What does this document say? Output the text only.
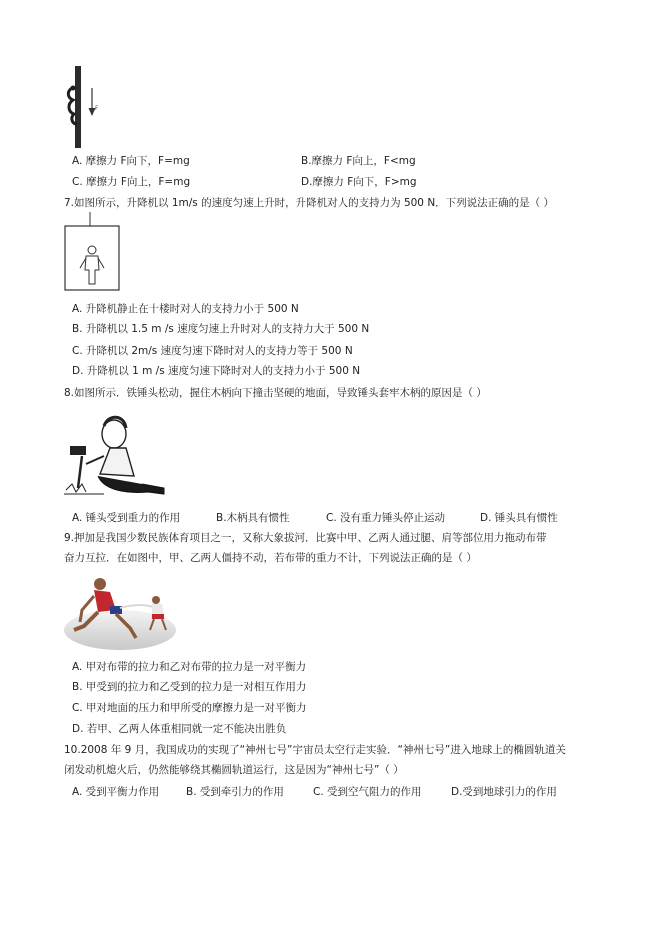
F
A. 摩擦力 F向下，F=mg	B.摩擦力 F向上，F<mg
C. 摩擦力 F向上，F=mg	D.摩擦力 F向下，F>mg
7.如图所示，升降机以 1m/s 的速度匀速上升时，升降机对人的支持力为 500 N．下列说法正确的是（ ）
A. 升降机静止在十楼时对人的支持力小于 500 N
B. 升降机以 1.5 m /s 速度匀速上升时对人的支持力大于 500 N
C. 升降机以 2m/s 速度匀速下降时对人的支持力等于 500 N
D. 升降机以 1 m /s 速度匀速下降时对人的支持力小于 500 N
8.如图所示．铁锤头松动，握住木柄向下撞击坚硬的地面，导致锤头套牢木柄的原因是（ ）
A. 锤头受到重力的作用	B.木柄具有惯性	C. 没有重力锤头停止运动	D. 锤头具有惯性
9.押加是我国少数民族体育项目之一，又称大象拔河．比赛中甲、乙两人通过腿、肩等部位用力拖动布带
奋力互拉．在如图中，甲、乙两人僵持不动，若布带的重力不计，下列说法正确的是（ ）
A. 甲对布带的拉力和乙对布带的拉力是一对平衡力
B. 甲受到的拉力和乙受到的拉力是一对相互作用力
C. 甲对地面的压力和甲所受的摩擦力是一对平衡力
D. 若甲、乙两人体重相同就一定不能决出胜负
10.2008 年 9 月，我国成功的实现了“神州七号”宇宙员太空行走实验．“神州七号”进入地球上的椭圆轨道关
闭发动机熄火后，仍然能够绕其椭圆轨道运行，这是因为“神州七号”（ ）
A. 受到平衡力作用	B. 受到牵引力的作用	C. 受到空气阻力的作用	D.受到地球引力的作用
